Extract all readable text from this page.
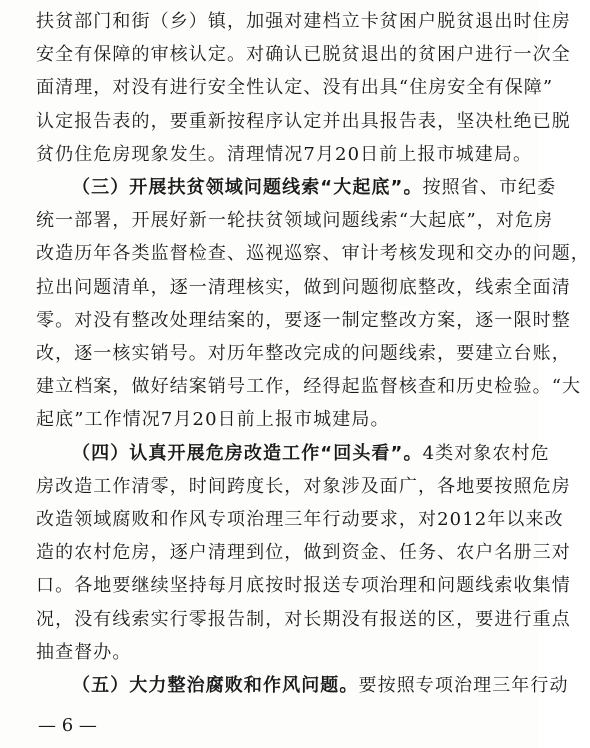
扶贫部门和街（乡）镇，加强对建档立卡贫困户脱贫退出时住房
安全有保障的审核认定。对确认已脱贫退出的贫困户进行一次全
面清理，对没有进行安全性认定、没有出具“住房安全有保障”
认定报告表的，要重新按程序认定并出具报告表，坚决杜绝已脱
贫仍住危房现象发生。清理情况7月20日前上报市城建局。
（三）开展扶贫领域问题线索“大起底”。按照省、市纪委
统一部署，开展好新一轮扶贫领域问题线索“大起底”，对危房
改造历年各类监督检查、巡视巡察、审计考核发现和交办的问题，
拉出问题清单，逐一清理核实，做到问题彻底整改，线索全面清
零。对没有整改处理结案的，要逐一制定整改方案，逐一限时整
改，逐一核实销号。对历年整改完成的问题线索，要建立台账，
建立档案，做好结案销号工作，经得起监督核查和历史检验。“大
起底”工作情况7月20日前上报市城建局。
（四）认真开展危房改造工作“回头看”。4类对象农村危
房改造工作清零，时间跨度长，对象涉及面广，各地要按照危房
改造领域腐败和作风专项治理三年行动要求，对2012年以来改
造的农村危房，逐户清理到位，做到资金、任务、农户名册三对
口。各地要继续坚持每月底按时报送专项治理和问题线索收集情
况，没有线索实行零报告制，对长期没有报送的区，要进行重点
抽查督办。
（五）大力整治腐败和作风问题。要按照专项治理三年行动
— 6 —
